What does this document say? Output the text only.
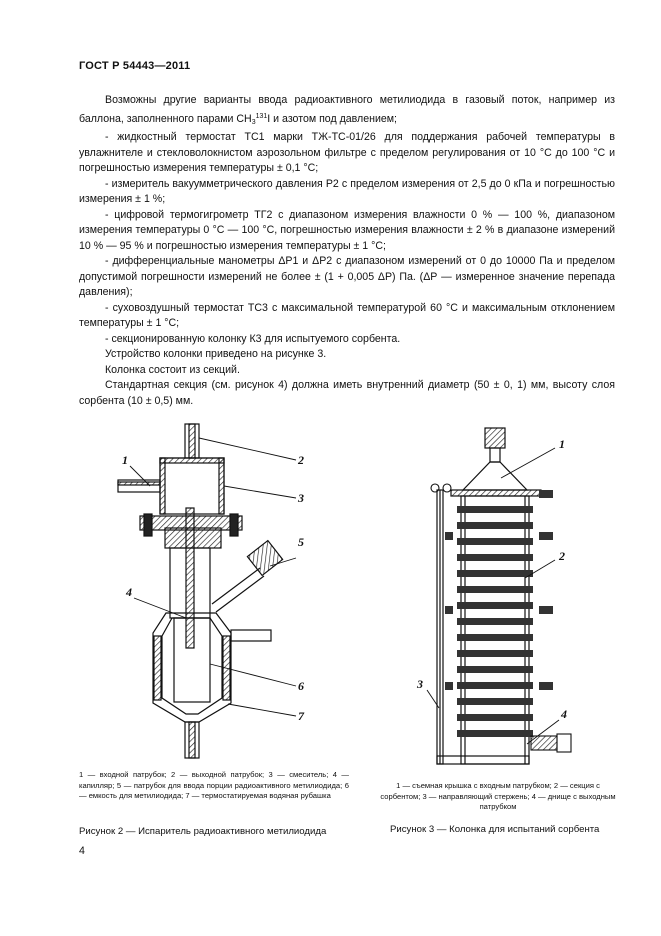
ГОСТ Р 54443—2011

Возможны другие варианты ввода радиоактивного метилиодида в газовый поток, например из баллона, заполненного парами $CH_3^{131}I$ и азотом под давлением;

- жидкостный термостат ТС1 марки ТЖ-ТС-01/26 для поддержания рабочей температуры в увлажнителе и стекловолокнистом аэрозольном фильтре с пределом регулирования от 10 °С до 100 °С и погрешностью измерения температуры ± 0,1 °С;

- измеритель вакуумметрического давления Р2 с пределом измерения от 2,5 до 0 кПа и погрешностью измерения ± 1 %;

- цифровой термогигрометр ТГ2 с диапазоном измерения влажности 0 % — 100 %, диапазоном измерения температуры 0 °С — 100 °С, погрешностью измерения влажности ± 2 % в диапазоне измерений 10 % — 95 % и погрешностью измерения температуры ± 1 °С;

- дифференциальные манометры ΔР1 и ΔР2 с диапазоном измерений от 0 до 10000 Па и пределом допустимой погрешности измерений не более ± (1 + 0,005 ΔР) Па. (ΔР — измеренное значение перепада давления);

- суховоздушный термостат ТС3 с максимальной температурой 60 °С и максимальным отклонением температуры ± 1 °С;

- секционированную колонку К3 для испытуемого сорбента.

Устройство колонки приведено на рисунке 3.

Колонка состоит из секций.

Стандартная секция (см. рисунок 4) должна иметь внутренний диаметр (50 ± 0, 1) мм, высоту слоя сорбента (10 ± 0,5) мм.

1	2
3
4
5
6
7
1
2
3
4
1 — входной патрубок; 2 — выходной патрубок; 3 — смеситель; 4 — капилляр; 5 — патрубок для ввода порции радиоактивного метилиодида; 6 — емкость для метилиодида; 7 — термостатируемая водяная рубашка
1 — съемная крышка с входным патрубком; 2 — секция с сорбентом; 3 — направляющий стержень; 4 — днище с выходным патрубком
Рисунок 2 — Испаритель радиоактивного метилиодида	Рисунок 3 — Колонка для испытаний сорбента
4
